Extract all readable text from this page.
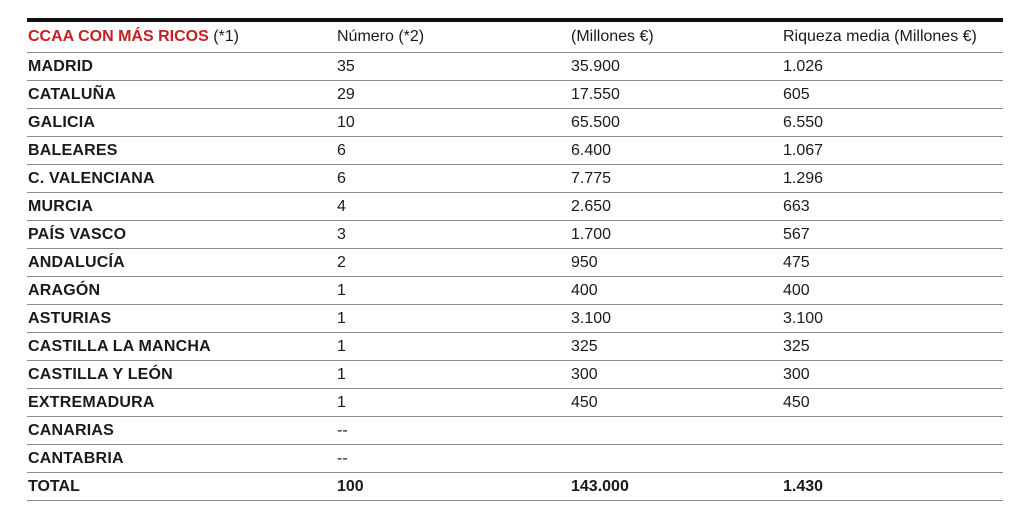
CCAA CON MÁS RICOS (*1)	Número (*2)	(Millones €)	Riqueza media (Millones €)
MADRID	35	35.900	1.026
CATALUÑA	29	17.550	605
GALICIA	10	65.500	6.550
BALEARES	6	6.400	1.067
C. VALENCIANA	6	7.775	1.296
MURCIA	4	2.650	663
PAÍS VASCO	3	1.700	567
ANDALUCÍA	2	950	475
ARAGÓN	1	400	400
ASTURIAS	1	3.100	3.100
CASTILLA LA MANCHA	1	325	325
CASTILLA Y LEÓN	1	300	300
EXTREMADURA	1	450	450
CANARIAS	--		
CANTABRIA	--		
TOTAL	100	143.000	1.430
